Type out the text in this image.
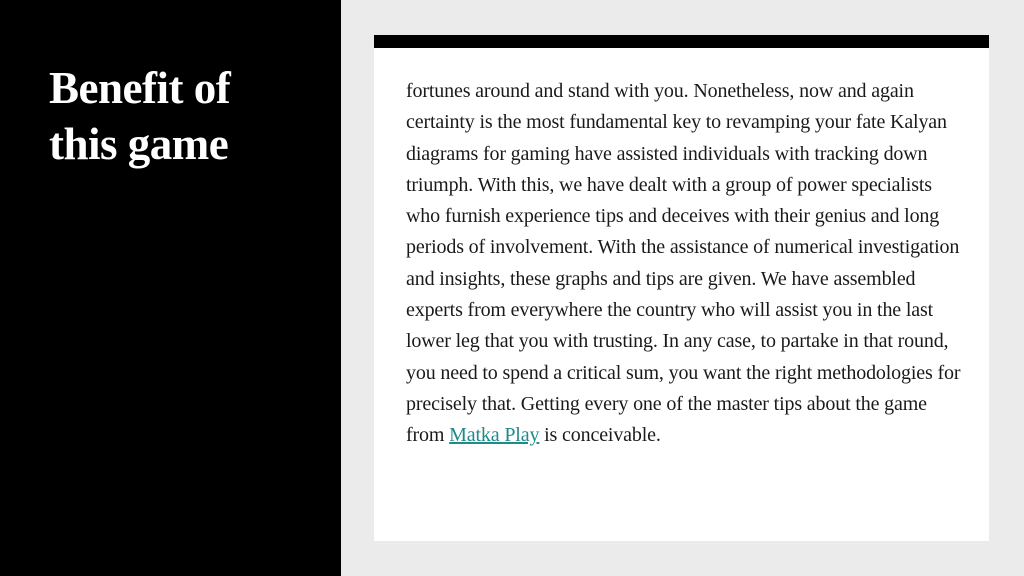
Benefit of
this game

fortunes around and stand with you. Nonetheless, now and again certainty is the most fundamental key to revamping your fate Kalyan diagrams for gaming have assisted individuals with tracking down triumph. With this, we have dealt with a group of power specialists who furnish experience tips and deceives with their genius and long periods of involvement. With the assistance of numerical investigation and insights, these graphs and tips are given. We have assembled experts from everywhere the country who will assist you in the last lower leg that you with trusting. In any case, to partake in that round, you need to spend a critical sum, you want the right methodologies for precisely that. Getting every one of the master tips about the game from Matka Play is conceivable.
